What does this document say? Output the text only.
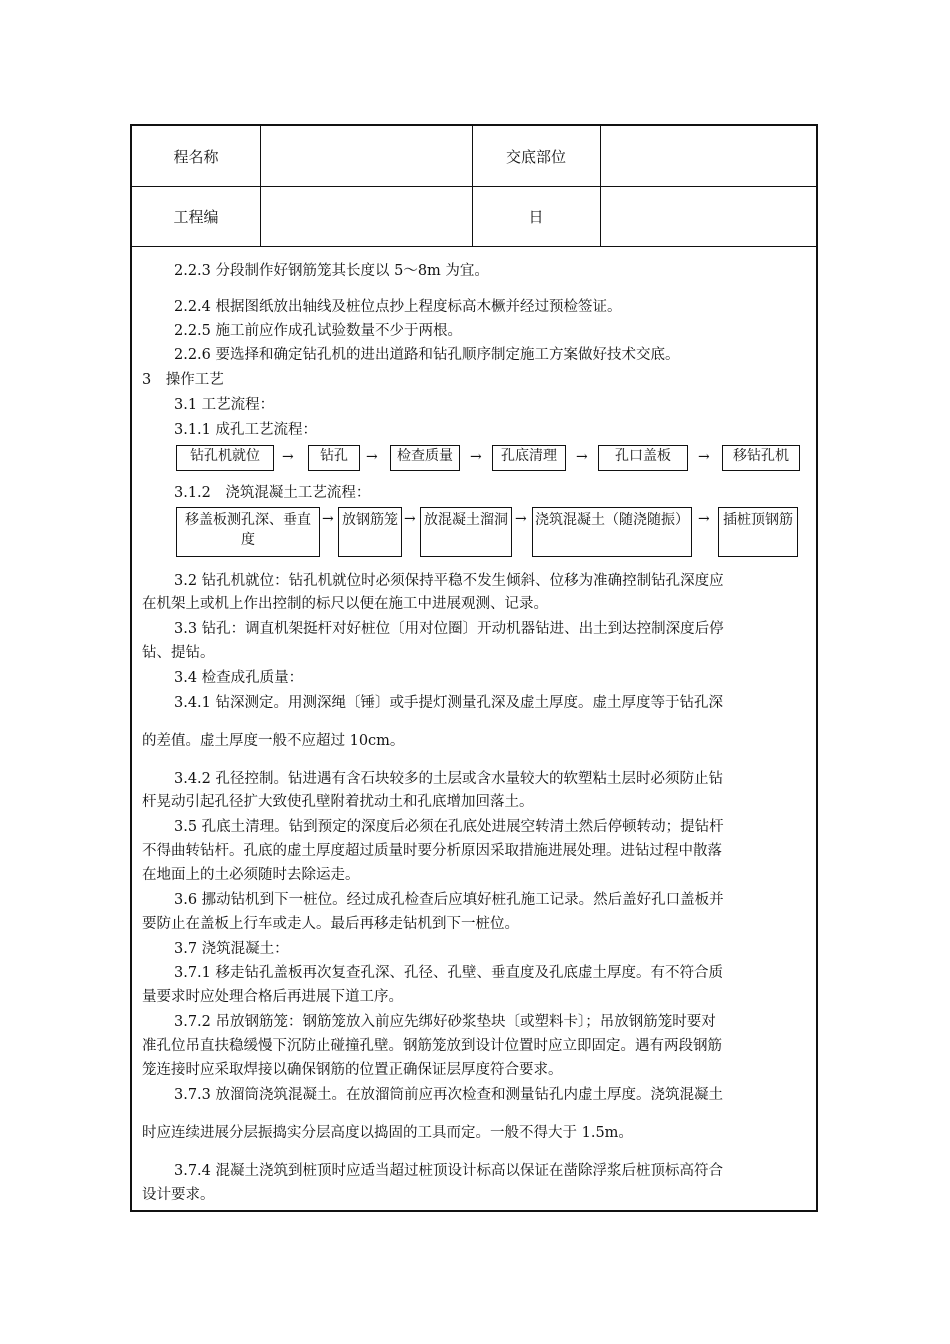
程名称	交底部位
工程编	日
2.2.3 分段制作好钢筋笼其长度以 5～8m 为宜。
2.2.4 根据图纸放出轴线及桩位点抄上程度标高木橛并经过预检签证。
2.2.5 施工前应作成孔试验数量不少于两根。
2.2.6 要选择和确定钻孔机的进出道路和钻孔顺序制定施工方案做好技术交底。
3　操作工艺
3.1 工艺流程：
3.1.1 成孔工艺流程：
钻孔机就位	→	钻孔	→	检查质量	→	孔底清理	→	孔口盖板	→	移钻孔机
3.1.2　浇筑混凝土工艺流程：
移盖板测孔深、垂直度
→ 放钢筋笼 → 放混凝土溜洞 → 浇筑混凝土（随浇随振） → 插桩顶钢筋
3.2 钻孔机就位：钻孔机就位时必须保持平稳不发生倾斜、位移为准确控制钻孔深度应
在机架上或机上作出控制的标尺以便在施工中进展观测、记录。
3.3 钻孔：调直机架挺杆对好桩位〔用对位圈〕开动机器钻进、出土到达控制深度后停
钻、提钻。
3.4 检查成孔质量：
3.4.1 钻深测定。用测深绳〔锤〕或手提灯测量孔深及虚土厚度。虚土厚度等于钻孔深
的差值。虚土厚度一般不应超过 10cm。
3.4.2 孔径控制。钻进遇有含石块较多的土层或含水量较大的软塑粘土层时必须防止钻
杆晃动引起孔径扩大致使孔壁附着扰动土和孔底增加回落土。
3.5 孔底土清理。钻到预定的深度后必须在孔底处进展空转清土然后停顿转动；提钻杆
不得曲转钻杆。孔底的虚土厚度超过质量时要分析原因采取措施进展处理。进钻过程中散落
在地面上的土必须随时去除运走。
3.6 挪动钻机到下一桩位。经过成孔检查后应填好桩孔施工记录。然后盖好孔口盖板并
要防止在盖板上行车或走人。最后再移走钻机到下一桩位。
3.7 浇筑混凝土：
3.7.1 移走钻孔盖板再次复查孔深、孔径、孔壁、垂直度及孔底虚土厚度。有不符合质
量要求时应处理合格后再进展下道工序。
3.7.2 吊放钢筋笼：钢筋笼放入前应先绑好砂浆垫块〔或塑料卡〕；吊放钢筋笼时要对
准孔位吊直扶稳缓慢下沉防止碰撞孔壁。钢筋笼放到设计位置时应立即固定。遇有两段钢筋
笼连接时应采取焊接以确保钢筋的位置正确保证层厚度符合要求。
3.7.3 放溜筒浇筑混凝土。在放溜筒前应再次检查和测量钻孔内虚土厚度。浇筑混凝土
时应连续进展分层振捣实分层高度以捣固的工具而定。一般不得大于 1.5m。
3.7.4 混凝土浇筑到桩顶时应适当超过桩顶设计标高以保证在凿除浮浆后桩顶标高符合
设计要求。
